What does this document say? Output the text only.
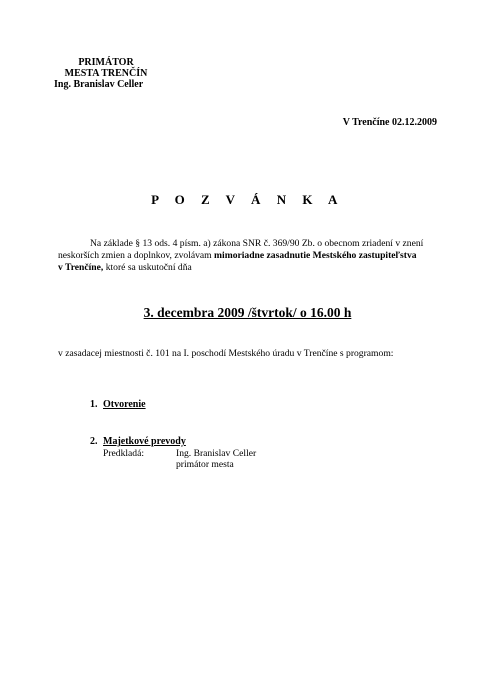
PRIMÁTOR
MESTA TRENČÍN
Ing. Branislav Celler
V Trenčíne 02.12.2009
P O Z V Á N K A
Na základe § 13 ods. 4 písm. a) zákona SNR č. 369/90 Zb. o obecnom zriadení v znení
neskorších zmien a doplnkov, zvolávam mimoriadne zasadnutie Mestského zastupiteľstva
v Trenčíne, ktoré sa uskutoční dňa
3. decembra 2009 /štvrtok/ o 16.00 h
v zasadacej miestnosti č. 101 na I. poschodí Mestského úradu v Trenčíne s programom:
1. Otvorenie
2. Majetkové prevody
Predkladá:	Ing. Branislav Celler
primátor mesta
